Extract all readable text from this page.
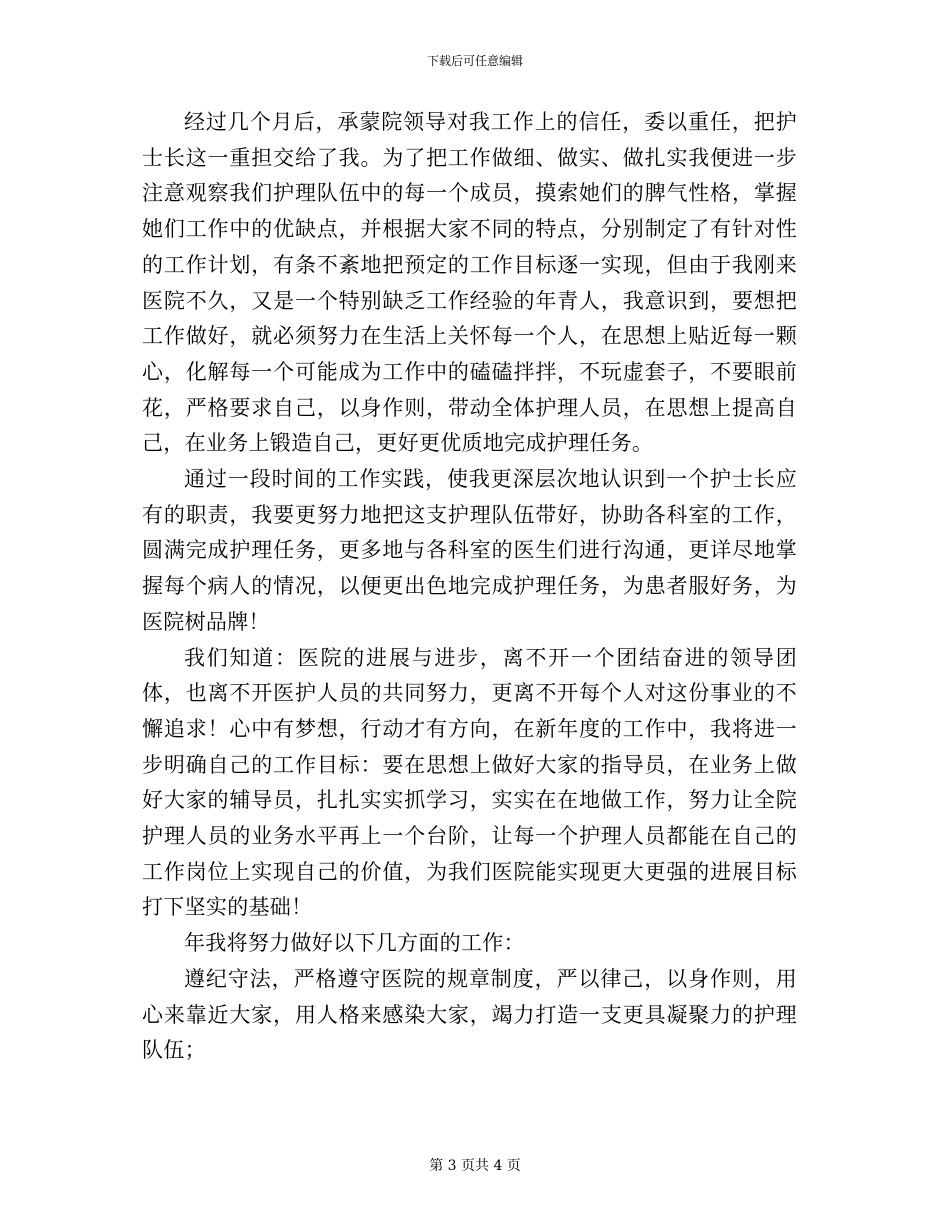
下载后可任意编辑

经过几个月后，承蒙院领导对我工作上的信任，委以重任，把护士长这一重担交给了我。为了把工作做细、做实、做扎实我便进一步注意观察我们护理队伍中的每一个成员，摸索她们的脾气性格，掌握她们工作中的优缺点，并根据大家不同的特点，分别制定了有针对性的工作计划，有条不紊地把预定的工作目标逐一实现，但由于我刚来医院不久，又是一个特别缺乏工作经验的年青人，我意识到，要想把工作做好，就必须努力在生活上关怀每一个人，在思想上贴近每一颗心，化解每一个可能成为工作中的磕磕拌拌，不玩虚套子，不要眼前花，严格要求自己，以身作则，带动全体护理人员，在思想上提高自己，在业务上锻造自己，更好更优质地完成护理任务。

通过一段时间的工作实践，使我更深层次地认识到一个护士长应有的职责，我要更努力地把这支护理队伍带好，协助各科室的工作，圆满完成护理任务，更多地与各科室的医生们进行沟通，更详尽地掌握每个病人的情况，以便更出色地完成护理任务，为患者服好务，为医院树品牌！

我们知道：医院的进展与进步，离不开一个团结奋进的领导团体，也离不开医护人员的共同努力，更离不开每个人对这份事业的不懈追求！心中有梦想，行动才有方向，在新年度的工作中，我将进一步明确自己的工作目标：要在思想上做好大家的指导员，在业务上做好大家的辅导员，扎扎实实抓学习，实实在在地做工作，努力让全院护理人员的业务水平再上一个台阶，让每一个护理人员都能在自己的工作岗位上实现自己的价值，为我们医院能实现更大更强的进展目标打下坚实的基础！

年我将努力做好以下几方面的工作：

遵纪守法，严格遵守医院的规章制度，严以律己，以身作则，用心来靠近大家，用人格来感染大家，竭力打造一支更具凝聚力的护理队伍；

第 3 页共 4 页
